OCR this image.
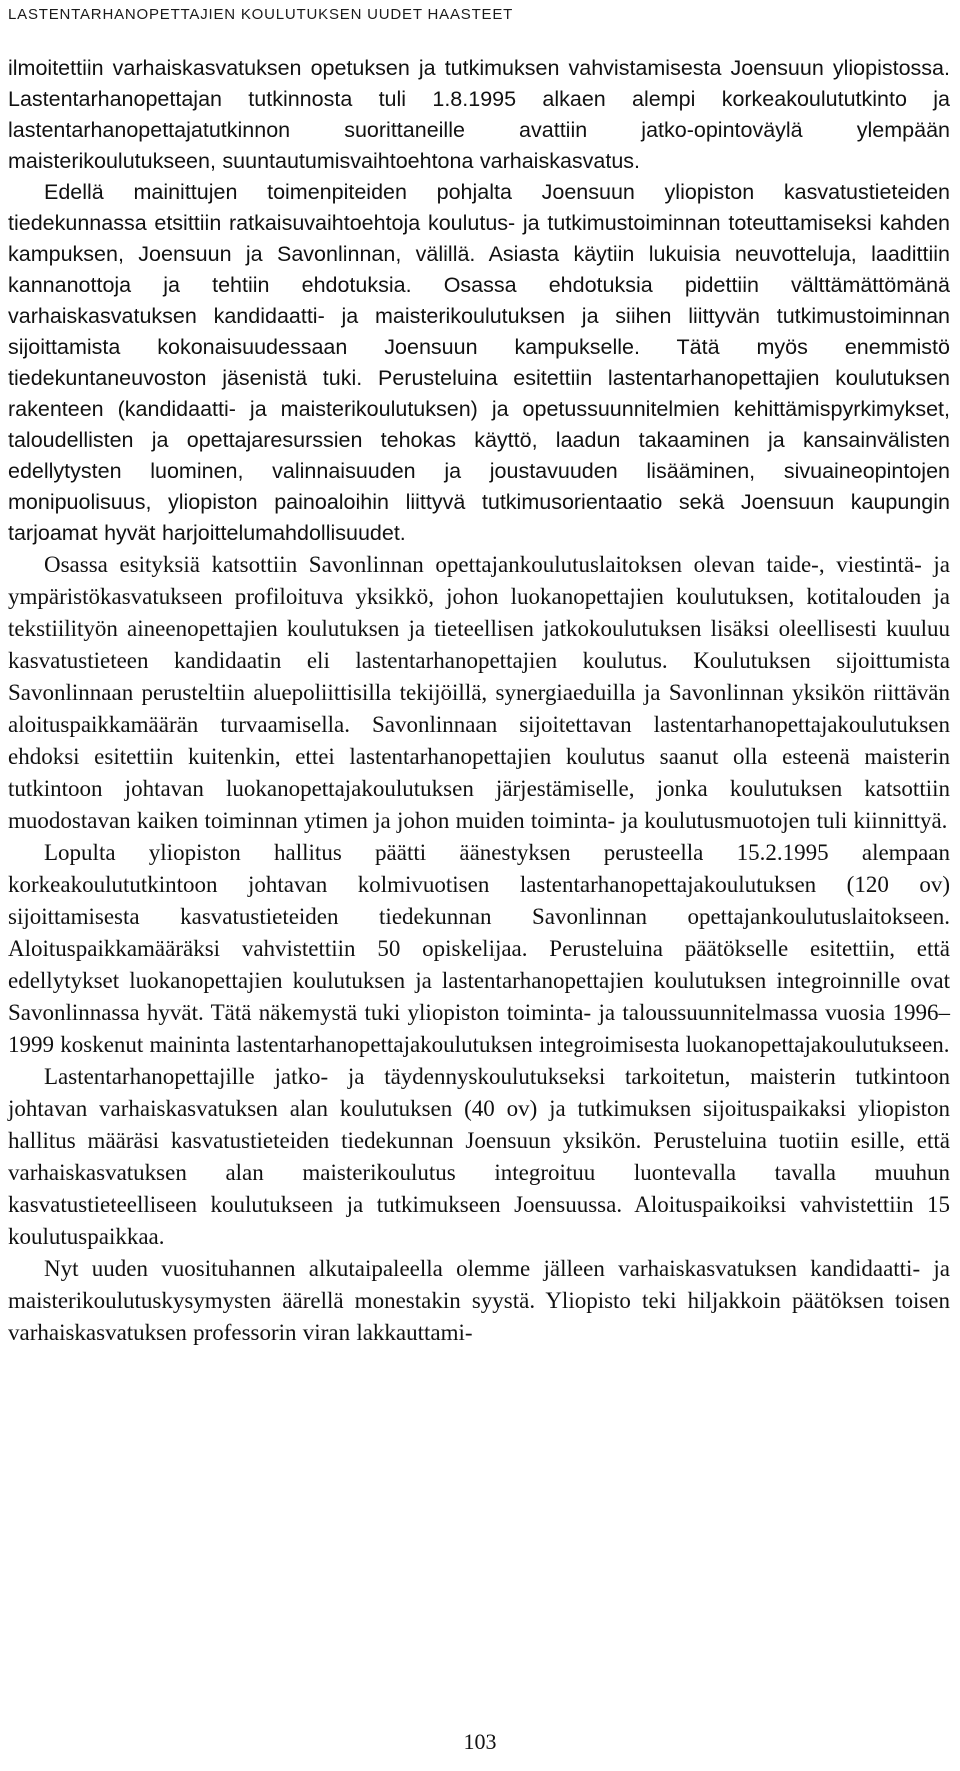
LASTENTARHANOPETTAJIEN KOULUTUKSEN UUDET HAASTEET

ilmoitettiin varhaiskasvatuksen opetuksen ja tutkimuksen vahvistamisesta Joensuun yliopistossa. Lastentarhanopettajan tutkinnosta tuli 1.8.1995 alkaen alempi korkeakoulututkinto ja lastentarhanopettajatutkinnon suorittaneille avattiin jatko-opintoväylä ylempään maisterikoulutukseen, suuntautumisvaihtoehtona varhaiskasvatus.

Edellä mainittujen toimenpiteiden pohjalta Joensuun yliopiston kasvatustieteiden tiedekunnassa etsittiin ratkaisuvaihtoehtoja koulutus- ja tutkimustoiminnan toteuttamiseksi kahden kampuksen, Joensuun ja Savonlinnan, välillä. Asiasta käytiin lukuisia neuvotteluja, laadittiin kannanottoja ja tehtiin ehdotuksia. Osassa ehdotuksia pidettiin välttämättömänä varhaiskasvatuksen kandidaatti- ja maisterikoulutuksen ja siihen liittyvän tutkimustoiminnan sijoittamista kokonaisuudessaan Joensuun kampukselle. Tätä myös enemmistö tiedekuntaneuvoston jäsenistä tuki. Perusteluina esitettiin lastentarhanopettajien koulutuksen rakenteen (kandidaatti- ja maisterikoulutuksen) ja opetussuunnitelmien kehittämispyrkimykset, taloudellisten ja opettajaresurssien tehokas käyttö, laadun takaaminen ja kansainvälisten edellytysten luominen, valinnaisuuden ja joustavuuden lisääminen, sivuaineopintojen monipuolisuus, yliopiston painoaloihin liittyvä tutkimusorientaatio sekä Joensuun kaupungin tarjoamat hyvät harjoittelumahdollisuudet.

Osassa esityksiä katsottiin Savonlinnan opettajankoulutuslaitoksen olevan taide-, viestintä- ja ympäristökasvatukseen profiloituva yksikkö, johon luokanopettajien koulutuksen, kotitalouden ja tekstiilityön aineenopettajien koulutuksen ja tieteellisen jatkokoulutuksen lisäksi oleellisesti kuuluu kasvatustieteen kandidaatin eli lastentarhanopettajien koulutus. Koulutuksen sijoittumista Savonlinnaan perusteltiin aluepoliittisilla tekijöillä, synergiaeduilla ja Savonlinnan yksikön riittävän aloituspaikkamäärän turvaamisella. Savonlinnaan sijoitettavan lastentarhanopettajakoulutuksen ehdoksi esitettiin kuitenkin, ettei lastentarhanopettajien koulutus saanut olla esteenä maisterin tutkintoon johtavan luokanopettajakoulutuksen järjestämiselle, jonka koulutuksen katsottiin muodostavan kaiken toiminnan ytimen ja johon muiden toiminta- ja koulutusmuotojen tuli kiinnittyä.

Lopulta yliopiston hallitus päätti äänestyksen perusteella 15.2.1995 alempaan korkeakoulututkintoon johtavan kolmivuotisen lastentarhanopettajakoulutuksen (120 ov) sijoittamisesta kasvatustieteiden tiedekunnan Savonlinnan opettajankoulutuslaitokseen. Aloituspaikkamääräksi vahvistettiin 50 opiskelijaa. Perusteluina päätökselle esitettiin, että edellytykset luokanopettajien koulutuksen ja lastentarhanopettajien koulutuksen integroinnille ovat Savonlinnassa hyvät. Tätä näkemystä tuki yliopiston toiminta- ja taloussuunnitelmassa vuosia 1996–1999 koskenut maininta lastentarhanopettajakoulutuksen integroimisesta luokanopettajakoulutukseen.

Lastentarhanopettajille jatko- ja täydennyskoulutukseksi tarkoitetun, maisterin tutkintoon johtavan varhaiskasvatuksen alan koulutuksen (40 ov) ja tutkimuksen sijoituspaikaksi yliopiston hallitus määräsi kasvatustieteiden tiedekunnan Joensuun yksikön. Perusteluina tuotiin esille, että varhaiskasvatuksen alan maisterikoulutus integroituu luontevalla tavalla muuhun kasvatustieteelliseen koulutukseen ja tutkimukseen Joensuussa. Aloituspaikoiksi vahvistettiin 15 koulutuspaikkaa.

Nyt uuden vuosituhannen alkutaipaleella olemme jälleen varhaiskasvatuksen kandidaatti- ja maisterikoulutuskysymysten äärellä monestakin syystä. Yliopisto teki hiljakkoin päätöksen toisen varhaiskasvatuksen professorin viran lakkauttami-

103
